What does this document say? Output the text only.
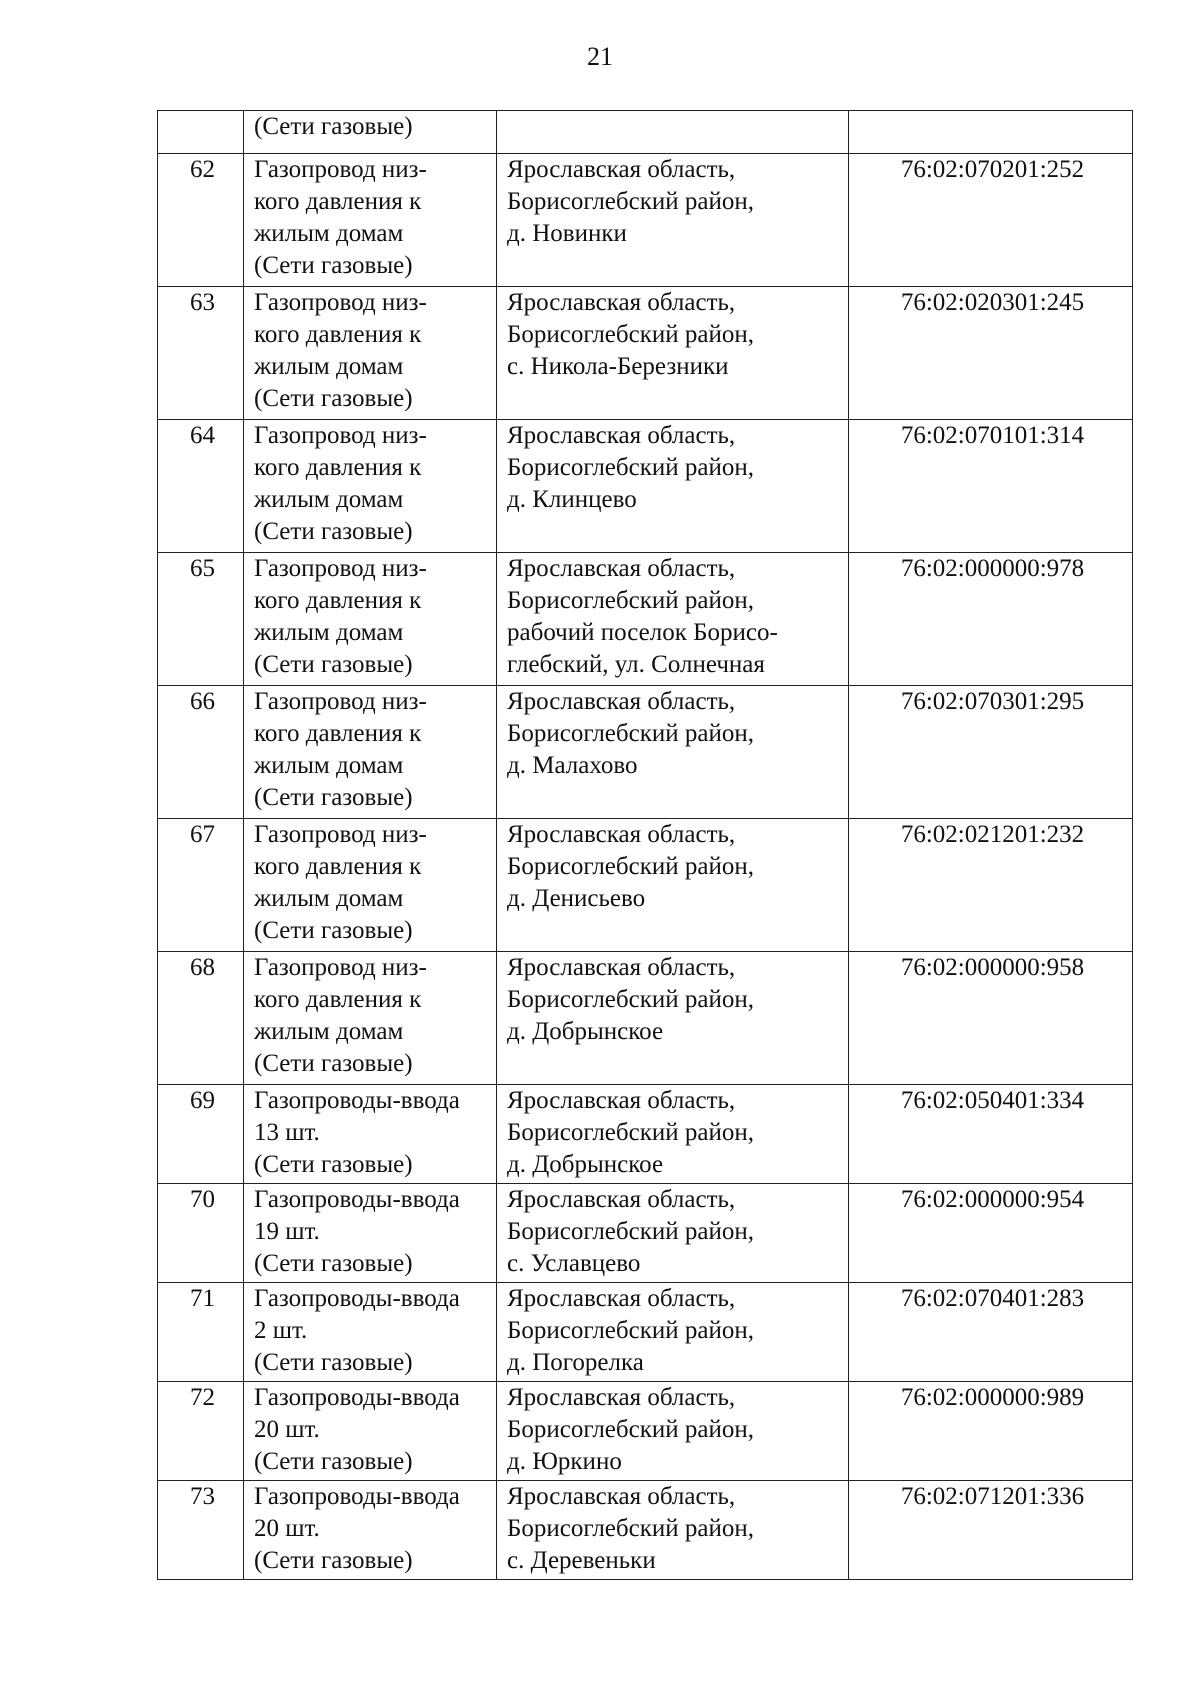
21
	(Сети газовые)		
62	Газопровод низ-
кого давления к
жилым домам
(Сети газовые)	Ярославская область,
Борисоглебский район,
д. Новинки	76:02:070201:252
63	Газопровод низ-
кого давления к
жилым домам
(Сети газовые)	Ярославская область,
Борисоглебский район,
с. Никола-Березники	76:02:020301:245
64	Газопровод низ-
кого давления к
жилым домам
(Сети газовые)	Ярославская область,
Борисоглебский район,
д. Клинцево	76:02:070101:314
65	Газопровод низ-
кого давления к
жилым домам
(Сети газовые)	Ярославская область,
Борисоглебский район,
рабочий поселок Борисо-
глебский, ул. Солнечная	76:02:000000:978
66	Газопровод низ-
кого давления к
жилым домам
(Сети газовые)	Ярославская область,
Борисоглебский район,
д. Малахово	76:02:070301:295
67	Газопровод низ-
кого давления к
жилым домам
(Сети газовые)	Ярославская область,
Борисоглебский район,
д. Денисьево	76:02:021201:232
68	Газопровод низ-
кого давления к
жилым домам
(Сети газовые)	Ярославская область,
Борисоглебский район,
д. Добрынское	76:02:000000:958
69	Газопроводы-ввода
13 шт.
(Сети газовые)	Ярославская область,
Борисоглебский район,
д. Добрынское	76:02:050401:334
70	Газопроводы-ввода
19 шт.
(Сети газовые)	Ярославская область,
Борисоглебский район,
с. Уславцево	76:02:000000:954
71	Газопроводы-ввода
2 шт.
(Сети газовые)	Ярославская область,
Борисоглебский район,
д. Погорелка	76:02:070401:283
72	Газопроводы-ввода
20 шт.
(Сети газовые)	Ярославская область,
Борисоглебский район,
д. Юркино	76:02:000000:989
73	Газопроводы-ввода
20 шт.
(Сети газовые)	Ярославская область,
Борисоглебский район,
с. Деревеньки	76:02:071201:336
